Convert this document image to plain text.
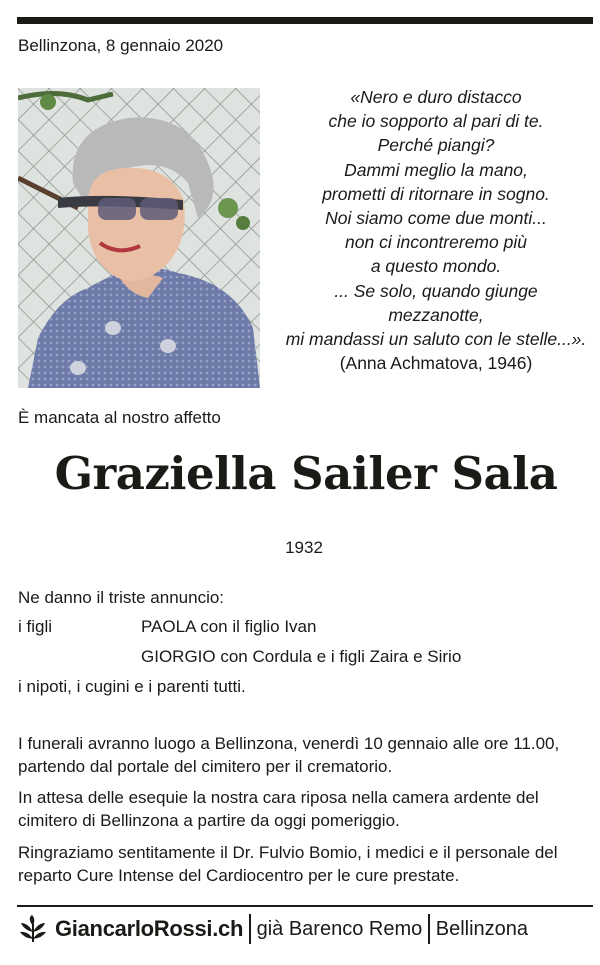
Bellinzona, 8 gennaio 2020
«Nero e duro distacco
che io sopporto al pari di te.
Perché piangi?
Dammi meglio la mano,
prometti di ritornare in sogno.
Noi siamo come due monti...
non ci incontreremo più
a questo mondo.
... Se solo, quando giunge
mezzanotte,
mi mandassi un saluto con le stelle...».
(Anna Achmatova, 1946)
È mancata al nostro affetto
Graziella Sailer Sala
1932
Ne danno il triste annuncio:
i figli	PAOLA con il figlio Ivan
GIORGIO con Cordula e i figli Zaira e Sirio
i nipoti, i cugini e i parenti tutti.
I funerali avranno luogo a Bellinzona, venerdì 10 gennaio alle ore 11.00, partendo dal portale del cimitero per il crematorio.
In attesa delle esequie la nostra cara riposa nella camera ardente del cimitero di Bellinzona a partire da oggi pomeriggio.
Ringraziamo sentitamente il Dr. Fulvio Bomio, i medici e il personale del reparto Cure Intense del Cardiocentro per le cure prestate.
GiancarloRossi.ch già Barenco Remo Bellinzona
